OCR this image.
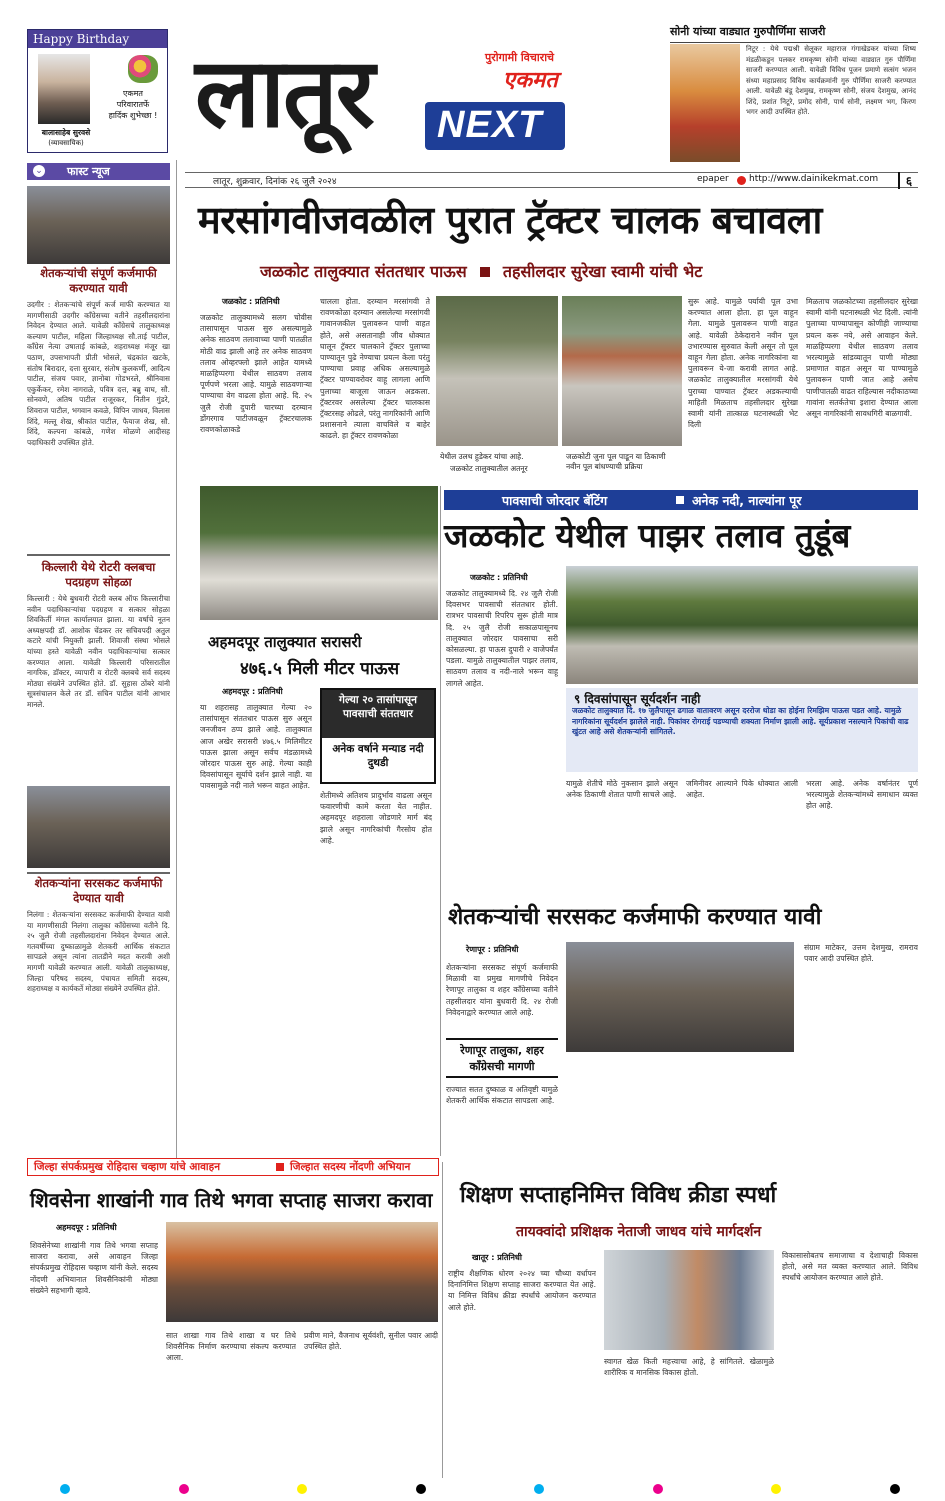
Happy Birthday
एकमत
परिवारातर्फे
हार्दिक शुभेच्छा !
बालासाहेब सुरवसे
(व्यावसायिक) लातूर	पुरोगामी विचाराचे
एकमत
NEXT
सोनी यांच्या वाड्यात गुरुपौर्णिमा साजरी
निटूर : येथे पद्मश्री सेलूकर महाराज गंगाखेडकर यांच्या शिष्य मंडळीकडून पलकर रामकृष्ण सोनी यांच्या वाड्यात गुरु पौर्णिमा साजरी करण्यात आली. यावेळी विविध पूजन प्रमाणे सत्संग भजन संध्या महाप्रसाद विविध कार्यक्रमांनी गुरु पौर्णिमा साजरी करण्यात आली. यावेळी बंडू देशमुख, रामकृष्ण सोनी, संजय देशमुख, आनंद शिंदे, प्रशांत निटूरे, प्रमोद सोनी, पार्थ सोनी, लक्ष्मण भग, किरण भगर आदी उपस्थित होते.
लातूर, शुक्रवार, दिनांक २६ जुलै २०२४	epaper http://www.dainikekmat.com	६
⌄ फास्ट न्यूज
शेतकऱ्यांची संपूर्ण कर्जमाफी करण्यात यावी
उदगीर : शेतकऱ्यांचे संपूर्ण कर्ज माफी करण्यात या मागणीसाठी उदगीर कॉंग्रेसच्या वतीने तहसीलदारांना निवेदन देण्यात आले. यावेळी कॉंग्रेसचे तालुकाध्यक्ष कल्याण पाटील, महिला जिल्हाध्यक्ष सौ.ताई पाटील, कॉंग्रेस नेत्या उषाताई कांबळे, शहराध्यक्ष मंजूर खा पठाण, उपसभापती प्रीती भोसले, चंद्रकांत खटके, संतोष बिरादार, दत्ता सुरवार, संतोष कुलकर्णी, आदित्य पाटील, संजय पवार, ज्ञानोबा गोडभरले, श्रीनिवास एकुर्केकर, रमेश नागराळे, पवित्र दत्त, बब्रु वाघ, सौ. सोनवणे, अतिष पाटील राजूरकर, नितीन गुंडरे, शिवराज पाटील, भगवान कवळे, विपिन जाधव, विलास शिंदे, मल्लू शेख, श्रीकांत पाटील, फैयाज शेख, सौ. शिंदे, कल्पना कांबळे, गणेश मोळणे आदीसह पदाधिकारी उपस्थित होते.
किल्लारी येथे रोटरी क्लबचा पदग्रहण सोहळा
किल्लारी : येथे बुधवारी रोटरी क्लब ऑफ किल्लारीचा नवीन पदाधिकाऱ्यांचा पदग्रहण व सत्कार सोहळा शिवकिर्ती मंगल कार्यालयात झाला. या वर्षाचे नूतन अध्यक्षपदी डॉ. आशोक चेंडकर तर सचिवपदी अतुल कटारे यांची नियुक्ती झाली. शिवाजी संस्था भोसले यांच्या हस्ते यावेळी नवीन पदाधिकाऱ्यांचा सत्कार करण्यात आला. यावेळी किल्लारी परिसरातील नागरिक, डॉक्टर, व्यापारी व रोटरी क्लबचे सर्व सदस्य मोठ्या संख्येने उपस्थित होते. डॉ. सुहास ठोंबरे यांनी सूत्रसंचालन केले तर डॉ. सचिन पाटील यांनी आभार मानले.
शेतकऱ्यांना सरसकट कर्जमाफी देण्यात यावी
निलंगा : शेतकऱ्यांना सरसकट कर्जमाफी देण्यात यावी या मागणीसाठी निलंगा तालुका कॉंग्रेसच्या वतीने दि. २५ जुलै रोजी तहसीलदारांना निवेदन देण्यात आले. गतवर्षीच्या दुष्काळामुळे शेतकरी आर्थिक संकटात सापडले असून त्यांना तातडीने मदत करावी अशी मागणी यावेळी करण्यात आली. यावेळी तालुकाध्यक्ष, जिल्हा परिषद सदस्य, पंचायत समिती सदस्य, शहराध्यक्ष व कार्यकर्ते मोठ्या संख्येने उपस्थित होते.
मरसांगवीजवळील पुरात ट्रॅक्टर चालक बचावला
जळकोट तालुक्यात संततधार पाऊस तहसीलदार सुरेखा स्वामी यांची भेट
जळकोट : प्रतिनिधी
जळकोट तालुक्यामध्ये सलग चोवीस तासापासून पाऊस सुरु असल्यामुळे अनेक साठवण तलावाच्या पाणी पातळीत मोठी वाढ झाली आहे तर अनेक साठवण तलाव ओव्हरफ्लो झाले आहेत यामध्ये माळहिप्परगा येथील साठवण तलाव पूर्णपणे भरला आहे. यामुळे साठवणाऱ्या पाण्याचा वेग वाढला होता आहे. दि. २५ जुलै रोजी दुपारी चारच्या दरम्यान डोंगरगाव पाटीजवळून ट्रॅक्टरचालक रावणकोळाकडे
चालला होता. दरम्यान मरसांगवी ते रावणकोळा दरम्यान असलेल्या मरसांगवी गावानजकील पुलावरून पाणी वाहत होते, असे असतानाही जीव धोक्यात घालून ट्रॅक्टर चालकाने ट्रॅक्टर पुलाच्या पाण्यातून पुढे नेण्याचा प्रयत्न केला परंतु पाण्याचा प्रवाह अधिक असल्यामुळे ट्रॅक्टर पाण्यावरोवर वाहू लागला आणि पुलाच्या बाजूला जाऊन अडकला. ट्रॅक्टरवर असलेल्या ट्रॅक्टर चालकास ट्रॅक्टरसह ओढले, परंतु नागरिकांनी आणि प्रशासनाने त्याला वाचविले व बाहेर काढले. हा ट्रॅक्टर रावणकोळा
येथील उलथ हुडेकर यांचा आहे.
जळकोट तालुक्यातील अतनूर
जळकोटी जुना पूल पाडून या ठिकाणी नवीन पूल बांधण्याची प्रक्रिया
सुरू आहे. यामुळे पर्यायी पूल उभा करण्यात आला होता. हा पूल वाहून गेला. यामुळे पुलावरून पाणी वाहत आहे. यावेळी ठेकेदाराने नवीन पूल उभारण्यास सुरुवात केली असून तो पूल वाहून गेला होता. अनेक नागरिकांना या पुलावरून ये-जा करावी लागत आहे. जळकोट तालुक्यातील मरसांगवी येथे पुराच्या पाण्यात ट्रॅक्टर अडकल्याची माहिती मिळताच तहसीलदार सुरेखा स्वामी यांनी तात्काळ घटनास्थळी भेट दिली
मिळताच जळकोटच्या तहसीलदार सुरेखा स्वामी यांनी घटनास्थळी भेट दिली. त्यांनी पुलाच्या पाण्यापासून कोणीही जाण्याचा प्रयत्न करू नये, असे आवाहन केले. माळहिप्परगा येथील साठवण तलाव भरल्यामुळे सांडव्यातून पाणी मोठ्या प्रमाणात वाहत असून या पाण्यामुळे पुलावरून पाणी जात आहे असेच पाणीपातळी वाढत राहिल्यास नदीकाठच्या गावांना सतर्कतेचा इशारा देण्यात आला असून नागरिकांनी सावधगिरी बाळगावी.
अहमदपूर तालुक्यात सरासरी
४७६.५ मिली मीटर पाऊस
अहमदपूर : प्रतिनिधी
या शहरासह तालुक्यात गेल्या २० तासांपासून संततधार पाऊस सुरु असून जनजीवन ठप्प झाले आहे. तालुक्यात आज अखेर सरासरी ४७६.५ मिलिमीटर पाऊस झाला असून सर्वच मंडळामध्ये जोरदार पाऊस सुरु आहे. गेल्या काही दिवसांपासून सूर्याचे दर्शन झाले नाही. या पावसामुळे नदी नाले भरून वाहत आहेत.
शेतीमध्ये अतिशय प्रादुर्भाव वाढला असून फवारणीची कामे करता येत नाहीत. अहमदपूर शहराला जोडणारे मार्ग बंद झाले असून नागरिकांची गैरसोय होत आहे.
गेल्या २० तासांपासून पावसाची संततधार
अनेक वर्षाने मन्याड नदी दुथडी
पावसाची जोरदार बॅटिंग	अनेक नदी, नाल्यांना पूर
जळकोट येथील पाझर तलाव तुडूंब
जळकोट : प्रतिनिधी
जळकोट तालुक्यामध्ये दि. २४ जुलै रोजी दिवसभर पावसाची संततधार होती. रात्रभर पावसाची रिपरिप सुरू होती मात्र दि. २५ जुलै रोजी सकाळपासूनच तालुक्यात जोरदार पावसाचा सरी कोसळल्या. हा पाऊस दुपारी २ वाजेपर्यंत पडला. यामुळे तालुक्यातील पाझर तलाव, साठवण तलाव व नदी-नाले भरून वाहू लागले आहेत.
९ दिवसांपासून सूर्यदर्शन नाही
जळकोट तालुक्यात दि. १७ जुलैपासून ढगाळ वातावरण असून दररोज थोडा का होईना रिमझिम पाऊस पडत आहे. यामुळे नागरिकांना सूर्यदर्शन झालेले नाही. पिकांवर रोगराई पडण्याची शक्यता निर्माण झाली आहे. सूर्यप्रकाश नसल्याने पिकांची वाढ खुंटत आहे असे शेतकऱ्यांनी सांगितले.
यामुळे शेतीचे मोठे नुकसान झाले असून अनेक ठिकाणी शेतात पाणी साचले आहे.
जमिनीवर आल्याने पिके धोक्यात आली आहेत.
भरला आहे. अनेक वर्षानंतर पूर्ण भरल्यामुळे शेतकऱ्यांमध्ये समाधान व्यक्त होत आहे.
शेतकऱ्यांची सरसकट कर्जमाफी करण्यात यावी
रेणापूर : प्रतिनिधी
शेतकऱ्यांना सरसकट संपूर्ण कर्जमाफी मिळावी या प्रमुख मागणीचे निवेदन रेणापूर तालुका व शहर कॉंग्रेसच्या वतीने तहसीलदार यांना बुधवारी दि. २४ रोजी निवेदनाद्वारे करण्यात आले आहे.
रेणापूर तालुका, शहर कॉंग्रेसची मागणी
राज्यात सतत दुष्काळ व अतिवृष्टी यामुळे शेतकरी आर्थिक संकटात सापडला आहे.
संग्राम माटेकर, उत्तम देशमुख, रामराव पवार आदी उपस्थित होते.
जिल्हा संपर्कप्रमुख रोहिदास चव्हाण यांचे आवाहन	जिल्हात सदस्य नोंदणी अभियान
शिवसेना शाखांनी गाव तिथे भगवा सप्ताह साजरा करावा
अहमदपूर : प्रतिनिधी
शिवसेनेच्या शाखांनी गाव तिथे भगवा सप्ताह साजरा करावा, असे आवाहन जिल्हा संपर्कप्रमुख रोहिदास चव्हाण यांनी केले. सदस्य नोंदणी अभियानात शिवसैनिकांनी मोठ्या संख्येने सहभागी व्हावे.
सात शाखा गाव तिथे शाखा व घर तिथे शिवसैनिक निर्माण करण्याचा संकल्प करण्यात आला.
प्रवीण माने, वैजनाथ सूर्यवंशी, सुनील पवार आदी उपस्थित होते.
शिक्षण सप्ताहनिमित्त विविध क्रीडा स्पर्धा
तायक्वांदो प्रशिक्षक नेताजी जाधव यांचे मार्गदर्शन
खातूर : प्रतिनिधी
राष्ट्रीय शैक्षणिक धोरण २०२४ च्या चौथ्या वर्धापन दिनानिमित्त शिक्षण सप्ताह साजरा करण्यात येत आहे. या निमित्त विविध क्रीडा स्पर्धांचे आयोजन करण्यात आले होते.
स्वागत खेळ किती महत्त्वाचा आहे, हे सांगितले. खेळामुळे शारीरिक व मानसिक विकास होतो.
विकासासोबतच समाजाचा व देशाचाही विकास होतो, असे मत व्यक्त करण्यात आले. विविध स्पर्धांचे आयोजन करण्यात आले होते.
